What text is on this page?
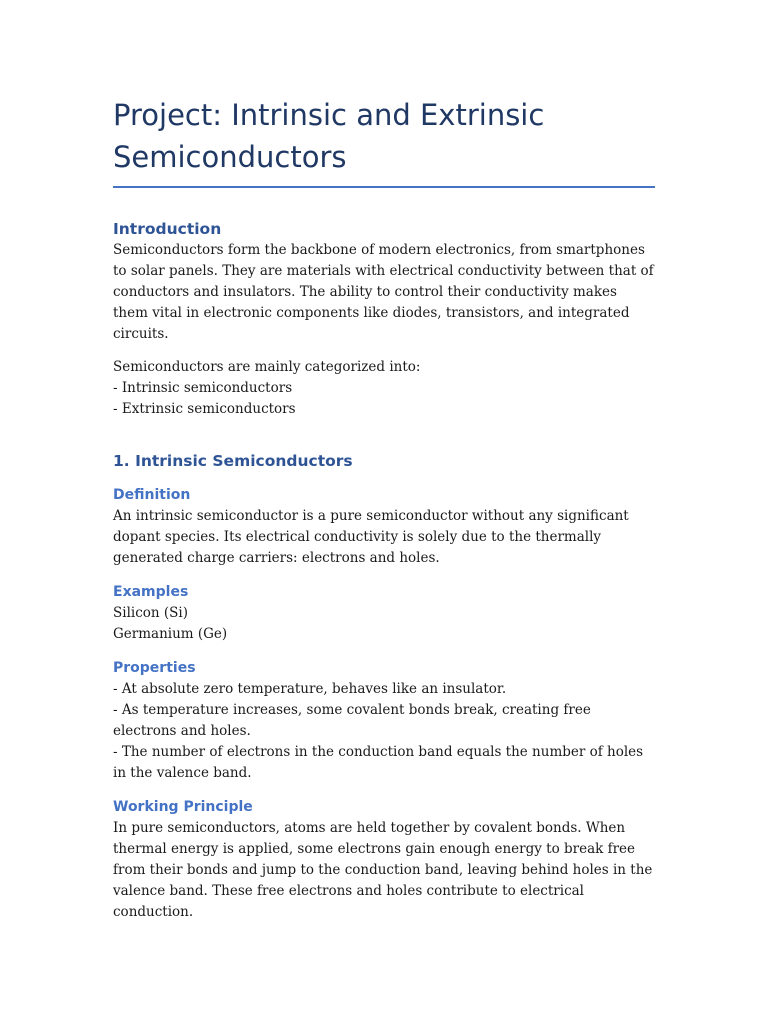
Project: Intrinsic and Extrinsic
Semiconductors
Introduction

Semiconductors form the backbone of modern electronics, from smartphones to solar panels. They are materials with electrical conductivity between that of conductors and insulators. The ability to control their conductivity makes them vital in electronic components like diodes, transistors, and integrated circuits.

Semiconductors are mainly categorized into:
- Intrinsic semiconductors
- Extrinsic semiconductors

1. Intrinsic Semiconductors
Definition

An intrinsic semiconductor is a pure semiconductor without any significant dopant species. Its electrical conductivity is solely due to the thermally generated charge carriers: electrons and holes.

Examples

Silicon (Si)
Germanium (Ge)

Properties

- At absolute zero temperature, behaves like an insulator.
- As temperature increases, some covalent bonds break, creating free electrons and holes.
- The number of electrons in the conduction band equals the number of holes in the valence band.

Working Principle

In pure semiconductors, atoms are held together by covalent bonds. When thermal energy is applied, some electrons gain enough energy to break free from their bonds and jump to the conduction band, leaving behind holes in the valence band. These free electrons and holes contribute to electrical conduction.
